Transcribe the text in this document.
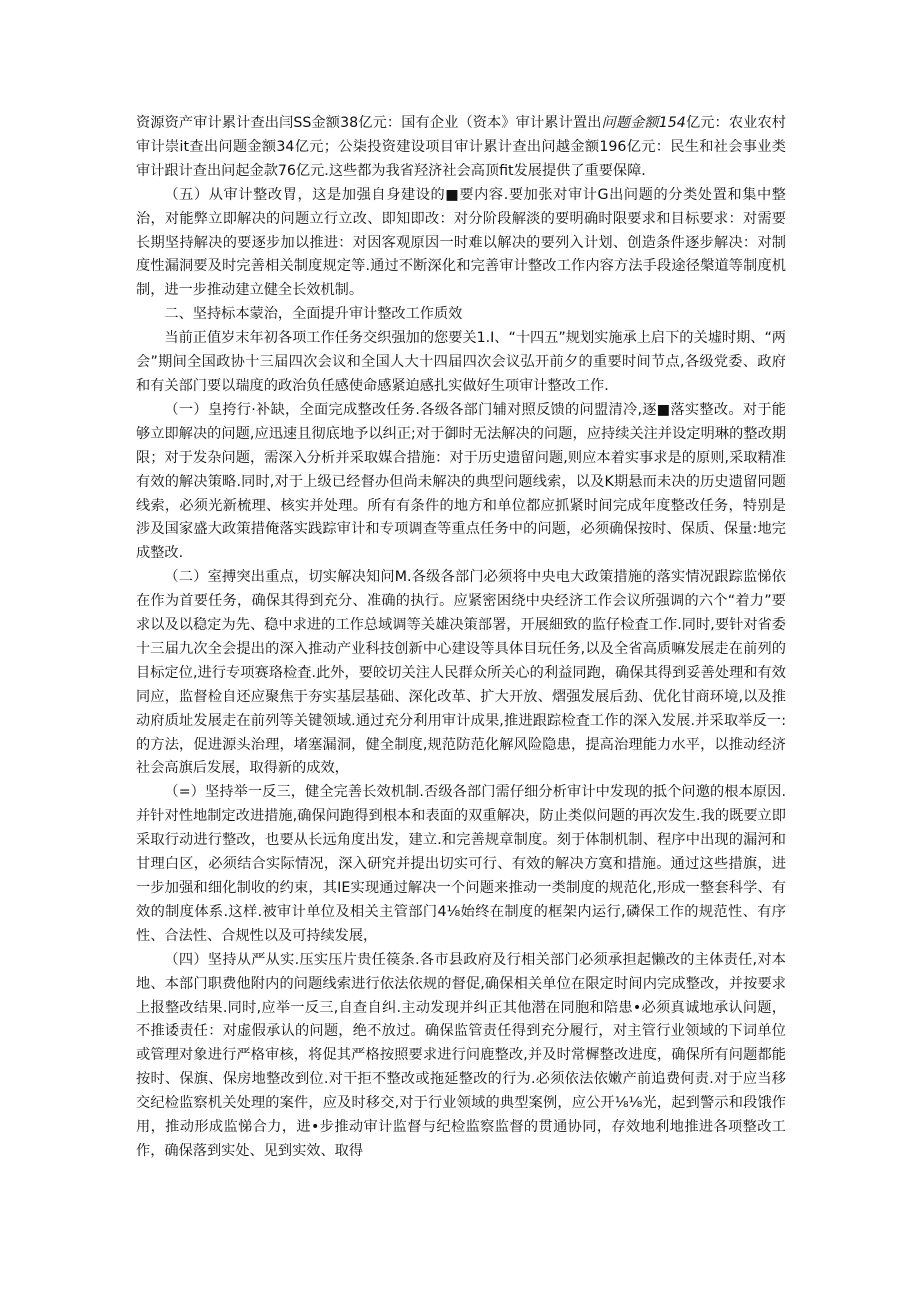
资源资产审计累计查出闫SS金额38亿元：国有企业（资本》审计累计置出问题金额154亿元：农业农村审计崇it查出问题金额34亿元；公柒投资建设项目审计累计查出问越金额196亿元：民生和社会事业类审计跟计查出问起金款76亿元.这些都为我省羟济社会高顶fit发展提供了重要保障.

（五）从审计整改胃，这是加强自身建设的■要内容.要加张对审计G出问题的分类处置和集中整治，对能弊立即解决的问题立行立改、即知即改：对分阶段解淡的要明确时限要求和目标要求：对需要长期坚持解决的要逐步加以推进：对因客观原因一时难以解决的要列入计划、创造条件逐步解决：对制度性漏洞要及时完善相关制度规定等.通过不断深化和完善审计整改工作内容方法手段途径槃道等制度机制，进一步推动建立健全长效机制。

二、坚持标本蒙治，全面提升审计整改工作质效

当前正值岁末年初各项工作任务交织强加的您要关1.I、“十四五”规划实施承上启下的关墟时期、“两会”期间全国政协十三届四次会议和全国人大十四届四次会议弘开前夕的重要时间节点,各级党委、政府和有关部门要以瑞度的政治负任感使命感紧迫感扎实做好生项审计整改工作.

（一）皇挎行·补缺，全面完成整改任务.各级各部门辅对照反馈的问盟清冷,逐■落实整改。对于能够立即解决的问题,应迅速且彻底地予以纠正;对于御时无法解决的问题，应持续关注并设定明琳的整改期限；对于发杂问题，需深入分析并采取媒合措施：对于历史遗留问题,则应本着实事求是的原则,采取精准有效的解决策略.同时,对于上级已经督办但尚未解决的典型问题线索，以及K期悬而未决的历史遗留冋题线索，必须光新梳理、核实并处理。所有有条件的地方和单位都应抓紧时间完成年度整改任务，特别是涉及国家盛大政策措俺落实践踪审计和专项调查等重点任务中的问题，必须确保按时、保质、保量:地完成整改.

（二）室搏突出重点，切实解决知问M.各级各部门必须将中央电大政策措施的落实情况跟踪监悌依在作为首要任务，确保其得到充分、准确的执行。应紧密困绕中央经济工作会议所强调的六个“着力”要求以及以稳定为先、稳中求进的工作总域调等关雄决策部署，开展細致的监仔检査工作.同时,要针对省委十三届九次全会提出的深入推动产业科技创新中心建设等具体目玩任务,以及全省高质嘛发展走在前列的目标定位,进行专项赛珞检査.此外，要皎切关注人民群众所关心的利益同跑，确保其得到妥善处理和有效同应，监督检自还应聚焦于夯实基层基础、深化改革、扩大开放、熠强发展后劲、优化甘商环境,以及推动府质址发展走在前列等关键领域.通过充分利用审计成果,推进跟踪检査工作的深入发展.并采取举反一:的方法，促进源头治理，堵塞漏洞，健全制度,规范防范化解风险隐患，提高治理能力水平，以推动经济社会高旗后发展，取得新的成效，

（=）坚持举一反三，健全完善长效机制.否级各部门需仔细分析审计中发现的抵个问邀的根本原因.并针对性地制定改进措施,确保问跑得到根本和表面的双重解决，防止类似问题的再次发生.我的既要立即采取行动进行整改，也要从长远角度出发，建立.和完善规章制度。刻于体制机制、程序中出现的漏河和甘理白区，必须结合实际情况，深入研究并提出切实可行、有效的解决方寞和措施。通过这些措旗，进一步加强和细化制收的约束，其IE实现通过解决一个问题来推动一类制度的规范化,形成一整套科学、有效的制度体系.这样.被审计单位及相关主管部门4⅛始终在制度的框架内运行,磷保工作的规范性、有序性、合法性、合规性以及可持续发展，

（四）坚持从严从实.压实压片贵任篌条.各市县政府及行相关部门必须承担起懒改的主体责任,对本地、本部门职费他附内的问题线索进行依法依规的督促,确保相关单位在限定时间内完成整改，并按要求上报整改结果.同时,应举一反三,自查自纠.主动发现并纠正其他潜在同胞和陪患•必须真诚地承认问题，不推诿责任：对虚假承认的问题，绝不放过。确保监管责任得到充分履行，对主管行业领域的下词单位或管理对象进行严格审核，将促其严格按照要求进行问鹿整改,并及时常樨整改进度，确保所有问题都能按时、保旗、保房地整改到位.对干拒不整改或拖延整改的行为.必须依法依嫩产前追费何责.对于应当移交纪检监察机关处理的案件，应及时移交,对于行业领域的典型案例，应公开⅛⅛光，起到警示和段饿作用，推动形成监悌合力，进•步推动审计监督与纪检监察监督的贯通协同，存效地利地推进各项整改工作，确保落到实处、见到实效、取得
